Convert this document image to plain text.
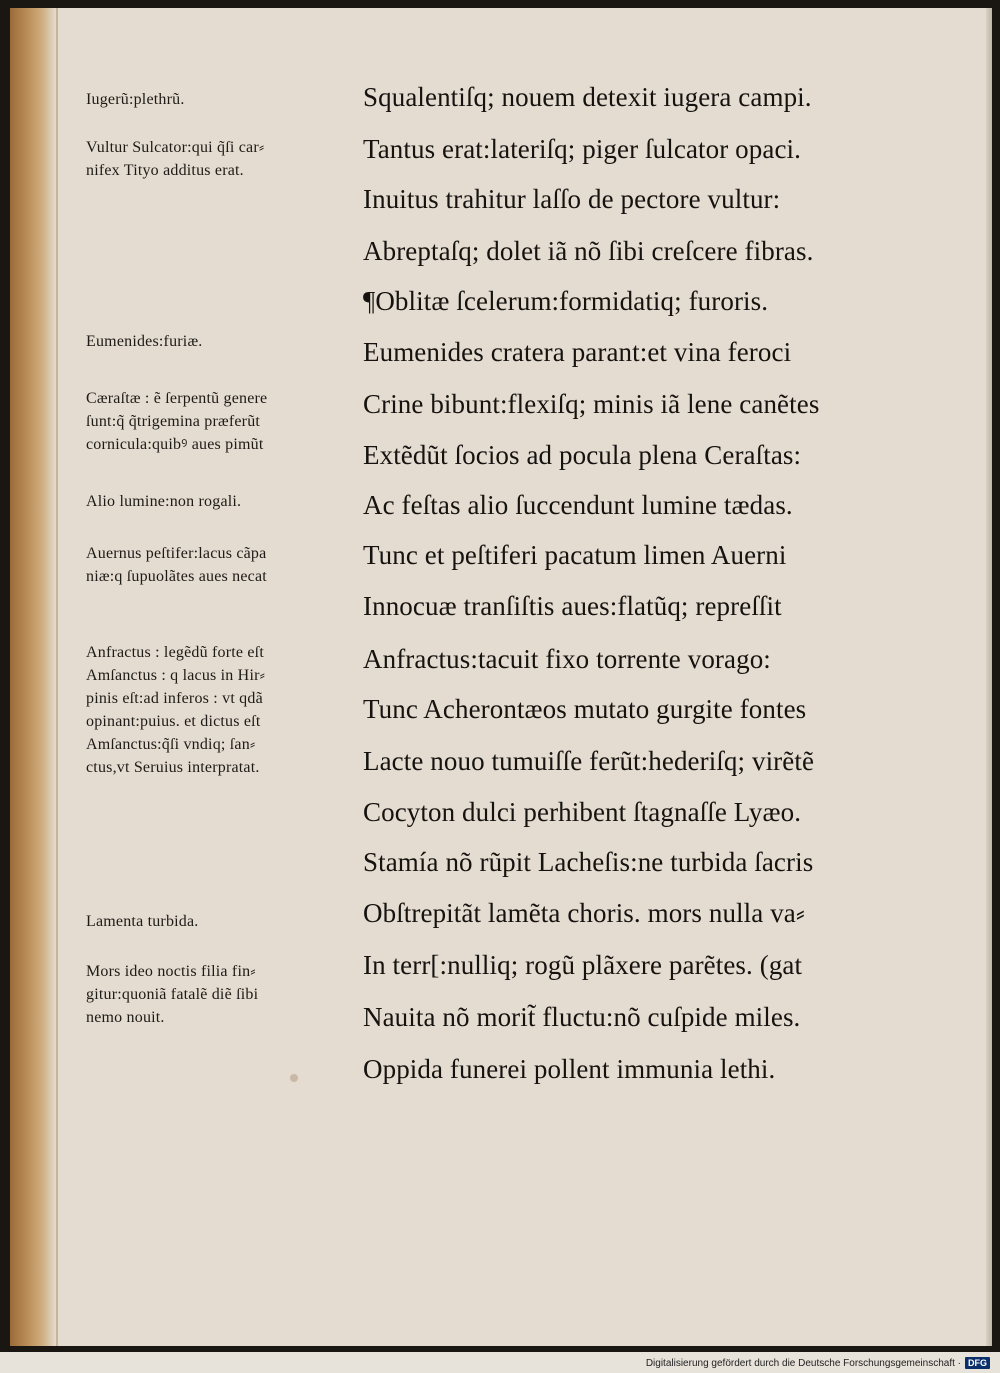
Iugerũ:plethrũ.
Vultur Sulcator:qui q̃ſi car⸗
nifex Tityo additus erat.
Eumenides:furiæ.
Cæraſtæ : ẽ ſerpentũ genere
ſunt:q̃ q̃trigemina præferũt
cornicula:quibꝰ aues pimũt
Alio lumine:non rogali.
Auernus peſtifer:lacus cãpa
niæ:q ſupuolãtes aues necat
Anfractus : legẽdũ forte eſt
Amſanctus : q lacus in Hir⸗
pinis eſt:ad inferos : vt qdã
opinant:puius. et dictus eſt
Amſanctus:q̃ſi vndiq; ſan⸗
ctus,vt Seruius interpratat.
Lamenta turbida.
Mors ideo noctis filia fin⸗
gitur:quoniã fatalẽ diẽ ſibi
nemo nouit.
Squalentiſq; nouem detexit iugera campi.
Tantus erat:lateriſq; piger ſulcator opaci.
Inuitus trahitur laſſo de pectore vultur:
Abreptaſq; dolet iã nõ ſibi creſcere fibras.
¶Oblitæ ſcelerum:formidatiq; furoris.
Eumenides cratera parant:et vina feroci
Crine bibunt:flexiſq; minis iã lene canẽtes
Extẽdũt ſocios ad pocula plena Ceraſtas:
Ac feſtas alio ſuccendunt lumine tædas.
Tunc et peſtiferi pacatum limen Auerni
Innocuæ tranſiſtis aues:flatũq; repreſſit
Anfractus:tacuit fixo torrente vorago:
Tunc Acherontæos mutato gurgite fontes
Lacte nouo tumuiſſe ferũt:hederiſq; virẽtẽ
Cocyton dulci perhibent ſtagnaſſe Lyæo.
Stamía nõ rũpit Lacheſis:ne turbida ſacris
Obſtrepitãt lamẽta choris. mors nulla va⸗
In terr[:nulliq; rogũ plãxere parẽtes. (gat
Nauita nõ morit̃ fluctu:nõ cuſpide miles.
Oppida funerei pollent immunia lethi.
Digitalisierung gefördert durch die Deutsche Forschungsgemeinschaft · DFG
